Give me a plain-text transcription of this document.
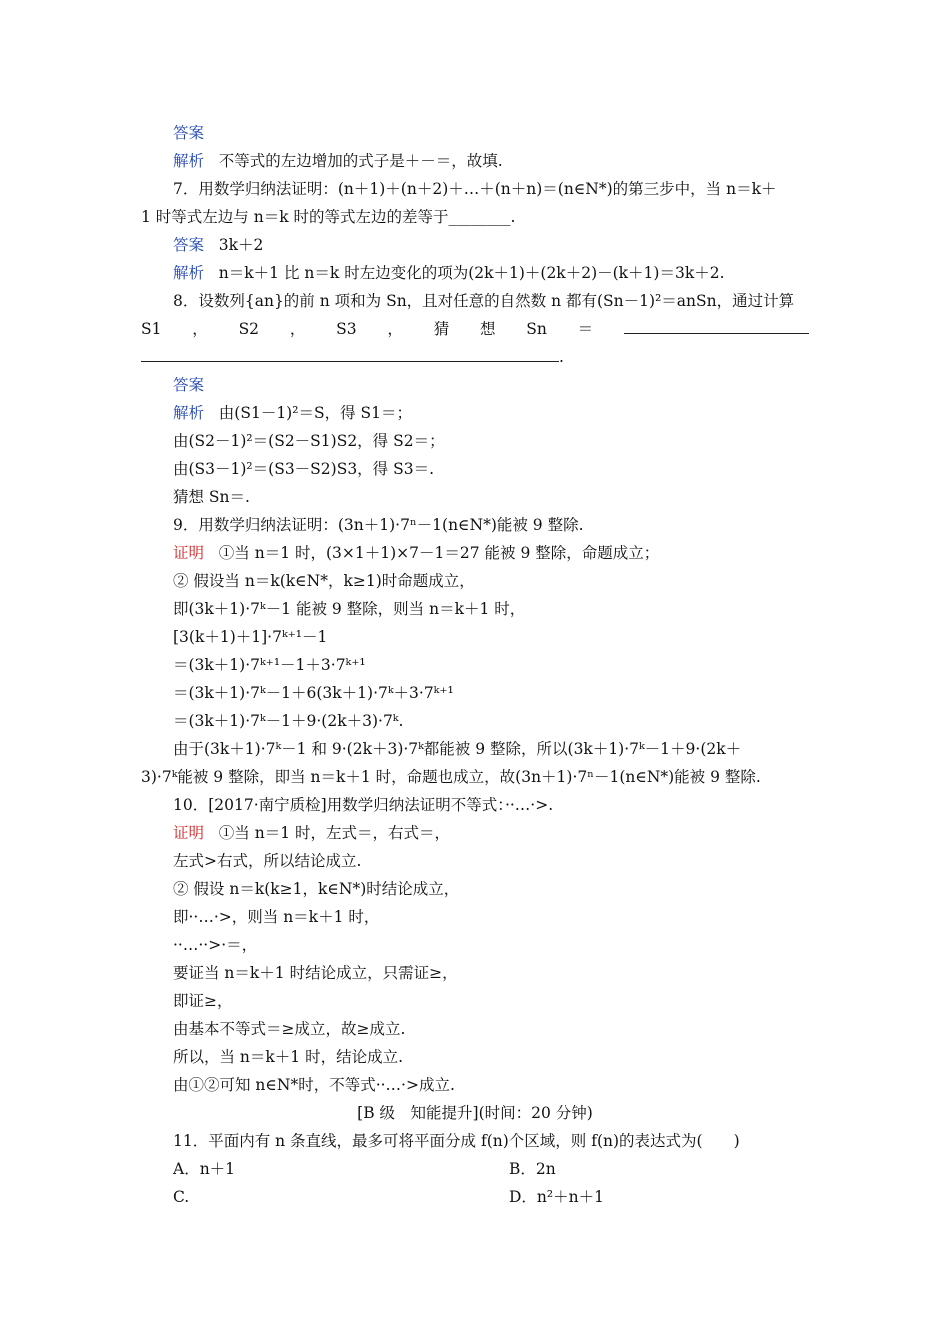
答案
解析 不等式的左边增加的式子是＋－＝，故填.
7．用数学归纳法证明：(n＋1)＋(n＋2)＋…＋(n＋n)＝(n∈N*)的第三步中，当 n＝k＋
1 时等式左边与 n＝k 时的等式左边的差等于________.
答案 3k＋2
解析 n＝k＋1 比 n＝k 时左边变化的项为(2k＋1)＋(2k＋2)－(k＋1)＝3k＋2.
8．设数列{an}的前 n 项和为 Sn，且对任意的自然数 n 都有(Sn－1)²＝anSn，通过计算
S1 ， S2 ， S3 ， 猜 想 Sn ＝
.
答案
解析 由(S1－1)²＝S，得 S1＝；
由(S2－1)²＝(S2－S1)S2，得 S2＝；
由(S3－1)²＝(S3－S2)S3，得 S3＝.
猜想 Sn＝.
9．用数学归纳法证明：(3n＋1)·7ⁿ－1(n∈N*)能被 9 整除.
证明 ①当 n＝1 时，(3×1＋1)×7－1＝27 能被 9 整除，命题成立；
② 假设当 n＝k(k∈N*，k≥1)时命题成立，
即(3k＋1)·7ᵏ－1 能被 9 整除，则当 n＝k＋1 时，
[3(k＋1)＋1]·7ᵏ⁺¹－1
＝(3k＋1)·7ᵏ⁺¹－1＋3·7ᵏ⁺¹
＝(3k＋1)·7ᵏ－1＋6(3k＋1)·7ᵏ＋3·7ᵏ⁺¹
＝(3k＋1)·7ᵏ－1＋9·(2k＋3)·7ᵏ.
由于(3k＋1)·7ᵏ－1 和 9·(2k＋3)·7ᵏ都能被 9 整除，所以(3k＋1)·7ᵏ－1＋9·(2k＋
3)·7ᵏ能被 9 整除，即当 n＝k＋1 时，命题也成立，故(3n＋1)·7ⁿ－1(n∈N*)能被 9 整除.
10．[2017·南宁质检]用数学归纳法证明不等式：··…·>.
证明 ①当 n＝1 时，左式＝，右式＝，
左式>右式，所以结论成立.
② 假设 n＝k(k≥1，k∈N*)时结论成立，
即··…·>，则当 n＝k＋1 时，
··…··>·＝，
要证当 n＝k＋1 时结论成立，只需证≥，
即证≥，
由基本不等式＝≥成立，故≥成立.
所以，当 n＝k＋1 时，结论成立.
由①②可知 n∈N*时，不等式··…·>成立.
[B 级　知能提升](时间：20 分钟)
11．平面内有 n 条直线，最多可将平面分成 f(n)个区域，则 f(n)的表达式为(　　)
A．n＋1	B．2n
C.	D．n²＋n＋1
